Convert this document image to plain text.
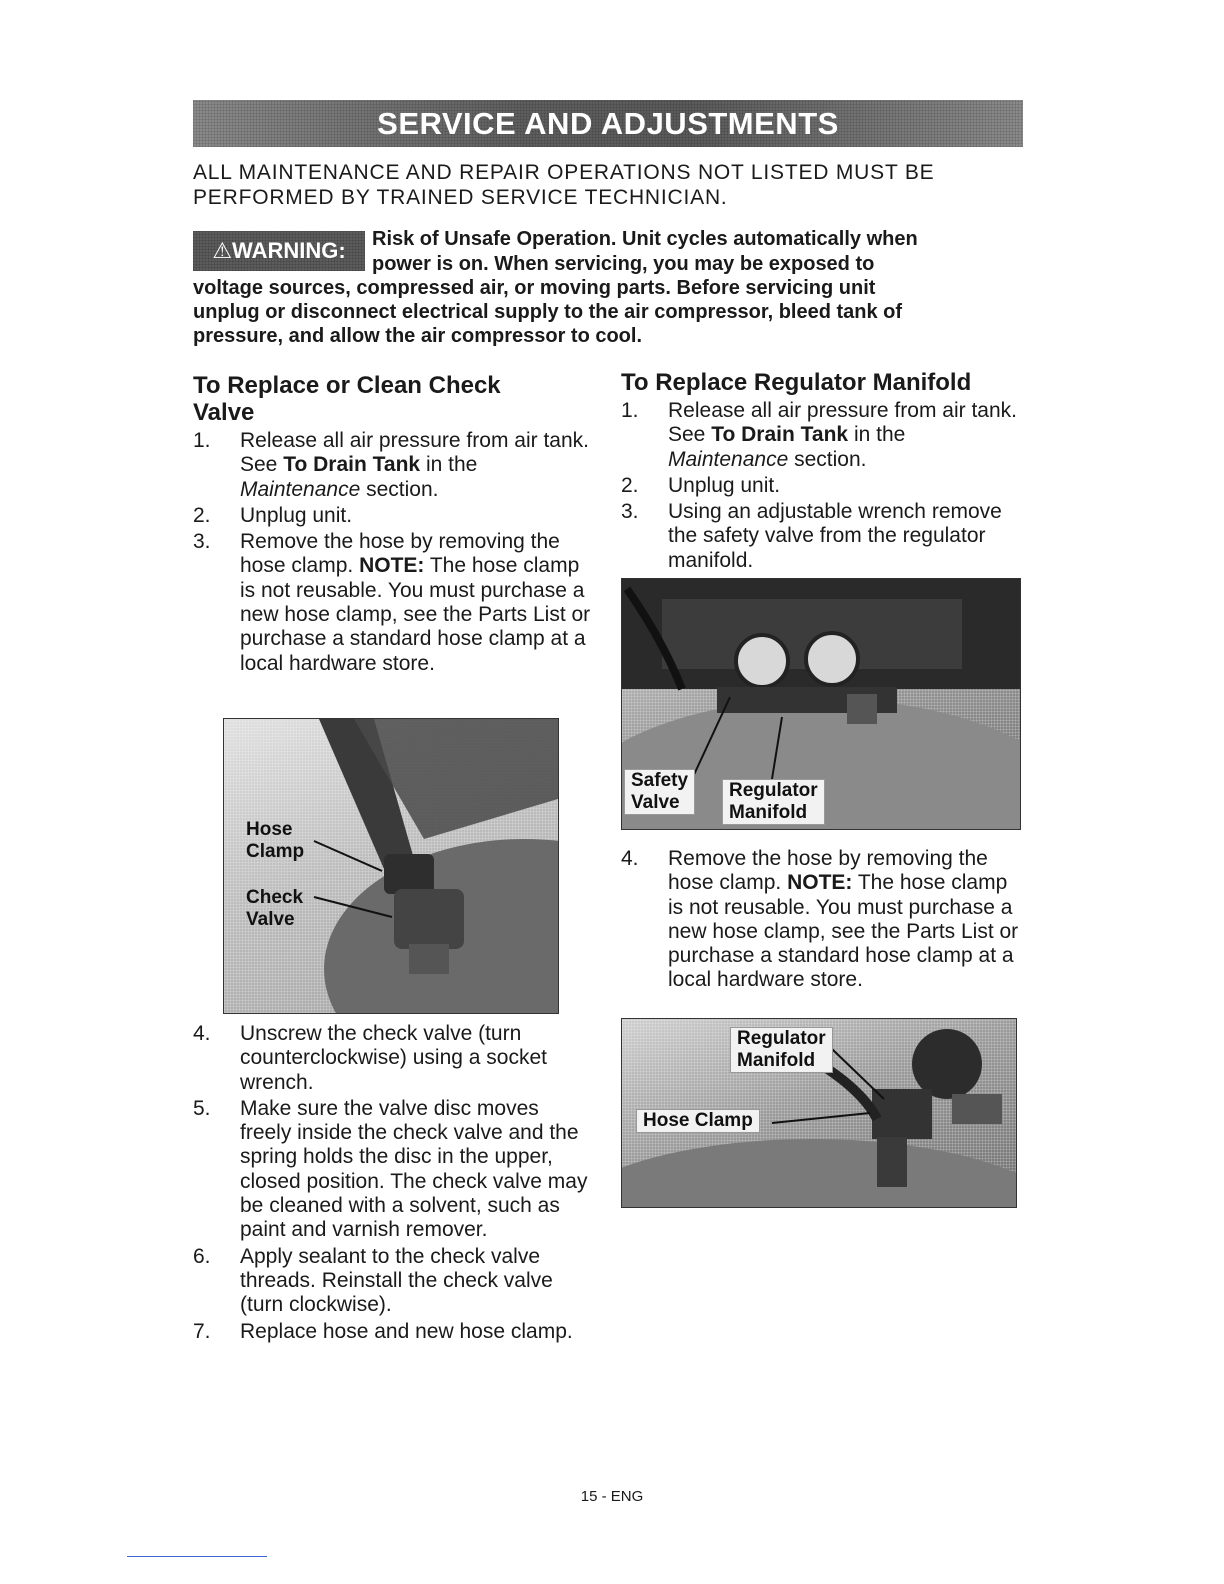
SERVICE AND ADJUSTMENTS

ALL MAINTENANCE AND REPAIR OPERATIONS NOT LISTED MUST BE
PERFORMED BY TRAINED SERVICE TECHNICIAN.

⚠WARNING:	Risk of Unsafe Operation. Unit cycles automatically when

power is on. When servicing, you may be exposed to

voltage sources, compressed air, or moving parts. Before servicing unit

unplug or disconnect electrical supply to the air compressor, bleed tank of

pressure, and allow the air compressor to cool.

To Replace or Clean Check
Valve
1. Release all air pressure from air tank. See To Drain Tank in the Maintenance section.
2. Unplug unit.
3. Remove the hose by removing the hose clamp. NOTE: The hose clamp is not reusable. You must purchase a new hose clamp, see the Parts List or purchase a standard hose clamp at a local hardware store.
Hose
Clamp
Check
Valve
4. Unscrew the check valve (turn counterclockwise) using a socket wrench.
5. Make sure the valve disc moves freely inside the check valve and the spring holds the disc in the upper, closed position. The check valve may be cleaned with a solvent, such as paint and varnish remover.
6. Apply sealant to the check valve threads. Reinstall the check valve (turn clockwise).
7. Replace hose and new hose clamp.
To Replace Regulator Manifold
1. Release all air pressure from air tank. See To Drain Tank in the Maintenance section.
2. Unplug unit.
3. Using an adjustable wrench remove the safety valve from the regulator manifold.
Safety
Valve
Regulator
Manifold
4. Remove the hose by removing the hose clamp. NOTE: The hose clamp is not reusable. You must purchase a new hose clamp, see the Parts List or purchase a standard hose clamp at a local hardware store.
Regulator
Manifold
Hose Clamp
15 - ENG
